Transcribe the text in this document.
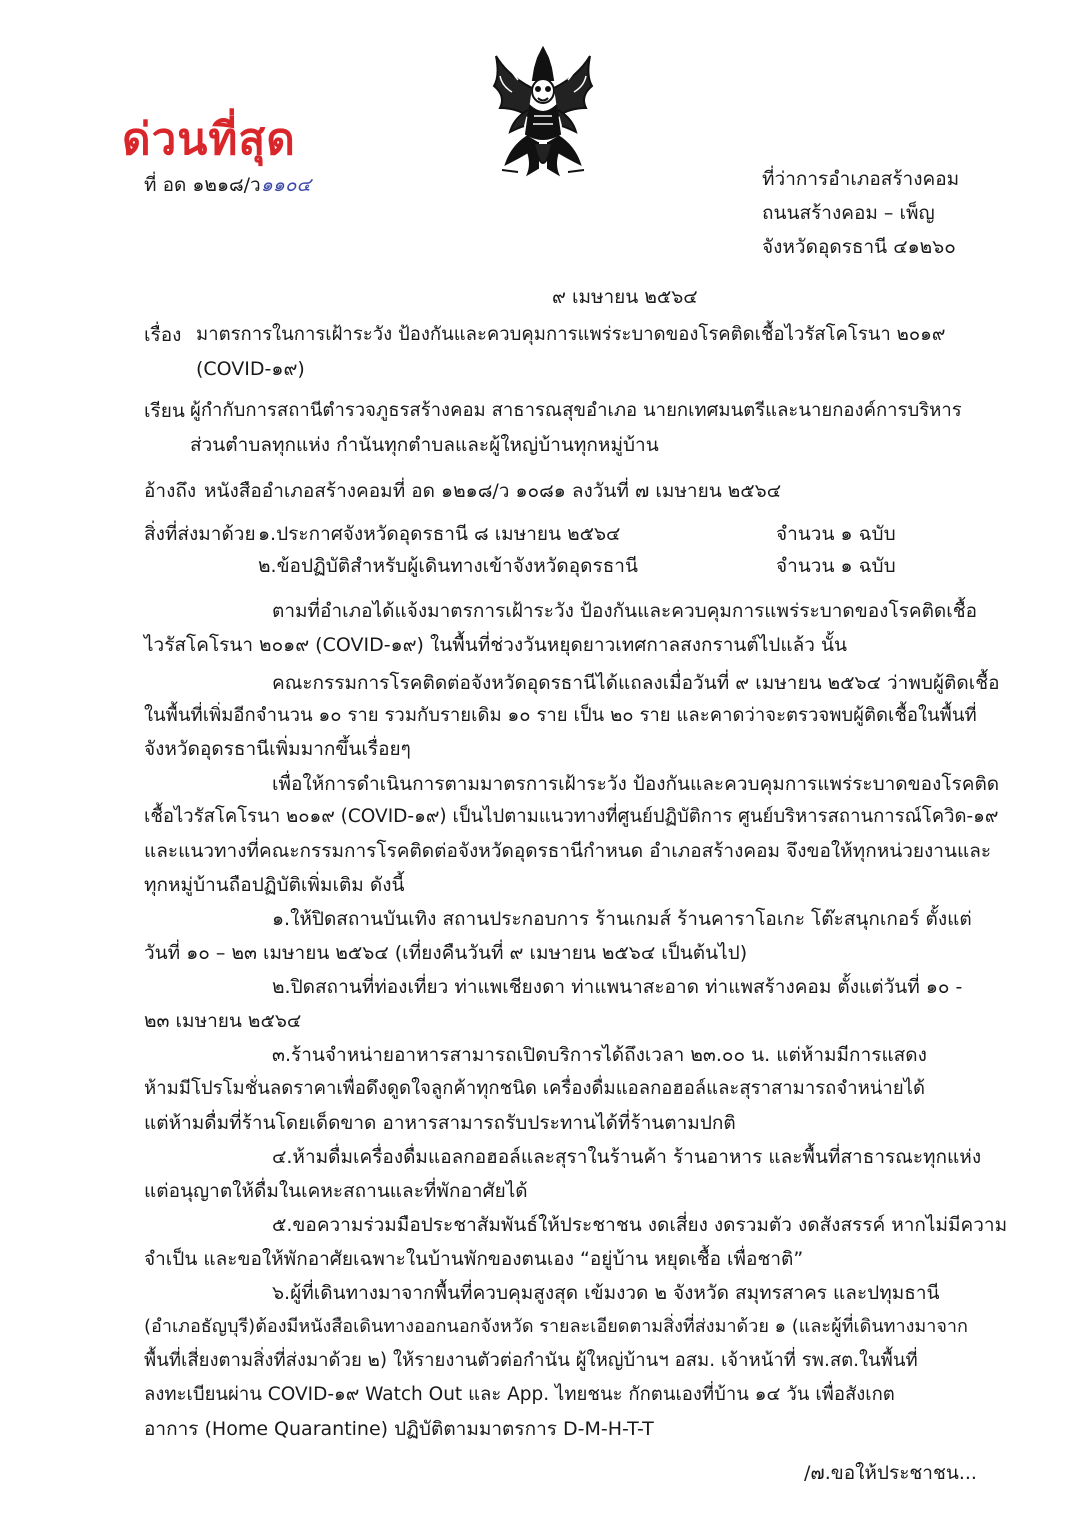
ด่วนที่สุด
ที่ อด ๑๒๑๘/ว๑๑๐๔	ที่ว่าการอำเภอสร้างคอม
ถนนสร้างคอม – เพ็ญ
จังหวัดอุดรธานี ๔๑๒๖๐
๙ เมษายน ๒๕๖๔
เรื่อง มาตรการในการเฝ้าระวัง ป้องกันและควบคุมการแพร่ระบาดของโรคติดเชื้อไวรัสโคโรนา ๒๐๑๙
(COVID-๑๙)
เรียน ผู้กำกับการสถานีตำรวจภูธรสร้างคอม สาธารณสุขอำเภอ นายกเทศมนตรีและนายกองค์การบริหาร
ส่วนตำบลทุกแห่ง กำนันทุกตำบลและผู้ใหญ่บ้านทุกหมู่บ้าน
อ้างถึง หนังสืออำเภอสร้างคอมที่ อด ๑๒๑๘/ว ๑๐๘๑ ลงวันที่ ๗ เมษายน ๒๕๖๔
สิ่งที่ส่งมาด้วย ๑.ประกาศจังหวัดอุดรธานี ๘ เมษายน ๒๕๖๔	จำนวน ๑ ฉบับ
๒.ข้อปฏิบัติสำหรับผู้เดินทางเข้าจังหวัดอุดรธานี	จำนวน ๑ ฉบับ
ตามที่อำเภอได้แจ้งมาตรการเฝ้าระวัง ป้องกันและควบคุมการแพร่ระบาดของโรคติดเชื้อ
ไวรัสโคโรนา ๒๐๑๙ (COVID-๑๙) ในพื้นที่ช่วงวันหยุดยาวเทศกาลสงกรานต์ไปแล้ว นั้น
คณะกรรมการโรคติดต่อจังหวัดอุดรธานีได้แถลงเมื่อวันที่ ๙ เมษายน ๒๕๖๔ ว่าพบผู้ติดเชื้อ
ในพื้นที่เพิ่มอีกจำนวน ๑๐ ราย รวมกับรายเดิม ๑๐ ราย เป็น ๒๐ ราย และคาดว่าจะตรวจพบผู้ติดเชื้อในพื้นที่
จังหวัดอุดรธานีเพิ่มมากขึ้นเรื่อยๆ
เพื่อให้การดำเนินการตามมาตรการเฝ้าระวัง ป้องกันและควบคุมการแพร่ระบาดของโรคติด
เชื้อไวรัสโคโรนา ๒๐๑๙ (COVID-๑๙) เป็นไปตามแนวทางที่ศูนย์ปฏิบัติการ ศูนย์บริหารสถานการณ์โควิด-๑๙
และแนวทางที่คณะกรรมการโรคติดต่อจังหวัดอุดรธานีกำหนด อำเภอสร้างคอม จึงขอให้ทุกหน่วยงานและ
ทุกหมู่บ้านถือปฏิบัติเพิ่มเติม ดังนี้
๑.ให้ปิดสถานบันเทิง สถานประกอบการ ร้านเกมส์ ร้านคาราโอเกะ โต๊ะสนุกเกอร์ ตั้งแต่
วันที่ ๑๐ – ๒๓ เมษายน ๒๕๖๔ (เที่ยงคืนวันที่ ๙ เมษายน ๒๕๖๔ เป็นต้นไป)
๒.ปิดสถานที่ท่องเที่ยว ท่าแพเชียงดา ท่าแพนาสะอาด ท่าแพสร้างคอม ตั้งแต่วันที่ ๑๐ -
๒๓ เมษายน ๒๕๖๔
๓.ร้านจำหน่ายอาหารสามารถเปิดบริการได้ถึงเวลา ๒๓.๐๐ น. แต่ห้ามมีการแสดง
ห้ามมีโปรโมชั่นลดราคาเพื่อดึงดูดใจลูกค้าทุกชนิด เครื่องดื่มแอลกอฮอล์และสุราสามารถจำหน่ายได้
แต่ห้ามดื่มที่ร้านโดยเด็ดขาด อาหารสามารถรับประทานได้ที่ร้านตามปกติ
๔.ห้ามดื่มเครื่องดื่มแอลกอฮอล์และสุราในร้านค้า ร้านอาหาร และพื้นที่สาธารณะทุกแห่ง
แต่อนุญาตให้ดื่มในเคหะสถานและที่พักอาศัยได้
๕.ขอความร่วมมือประชาสัมพันธ์ให้ประชาชน งดเสี่ยง งดรวมตัว งดสังสรรค์ หากไม่มีความ
จำเป็น และขอให้พักอาศัยเฉพาะในบ้านพักของตนเอง “อยู่บ้าน หยุดเชื้อ เพื่อชาติ”
๖.ผู้ที่เดินทางมาจากพื้นที่ควบคุมสูงสุด เข้มงวด ๒ จังหวัด สมุทรสาคร และปทุมธานี
(อำเภอธัญบุรี)ต้องมีหนังสือเดินทางออกนอกจังหวัด รายละเอียดตามสิ่งที่ส่งมาด้วย ๑ (และผู้ที่เดินทางมาจาก
พื้นที่เสี่ยงตามสิ่งที่ส่งมาด้วย ๒) ให้รายงานตัวต่อกำนัน ผู้ใหญ่บ้านฯ อสม. เจ้าหน้าที่ รพ.สต.ในพื้นที่
ลงทะเบียนผ่าน COVID-๑๙ Watch Out และ App. ไทยชนะ กักตนเองที่บ้าน ๑๔ วัน เพื่อสังเกต
อาการ (Home Quarantine) ปฏิบัติตามมาตรการ D-M-H-T-T
/๗.ขอให้ประชาชน...
